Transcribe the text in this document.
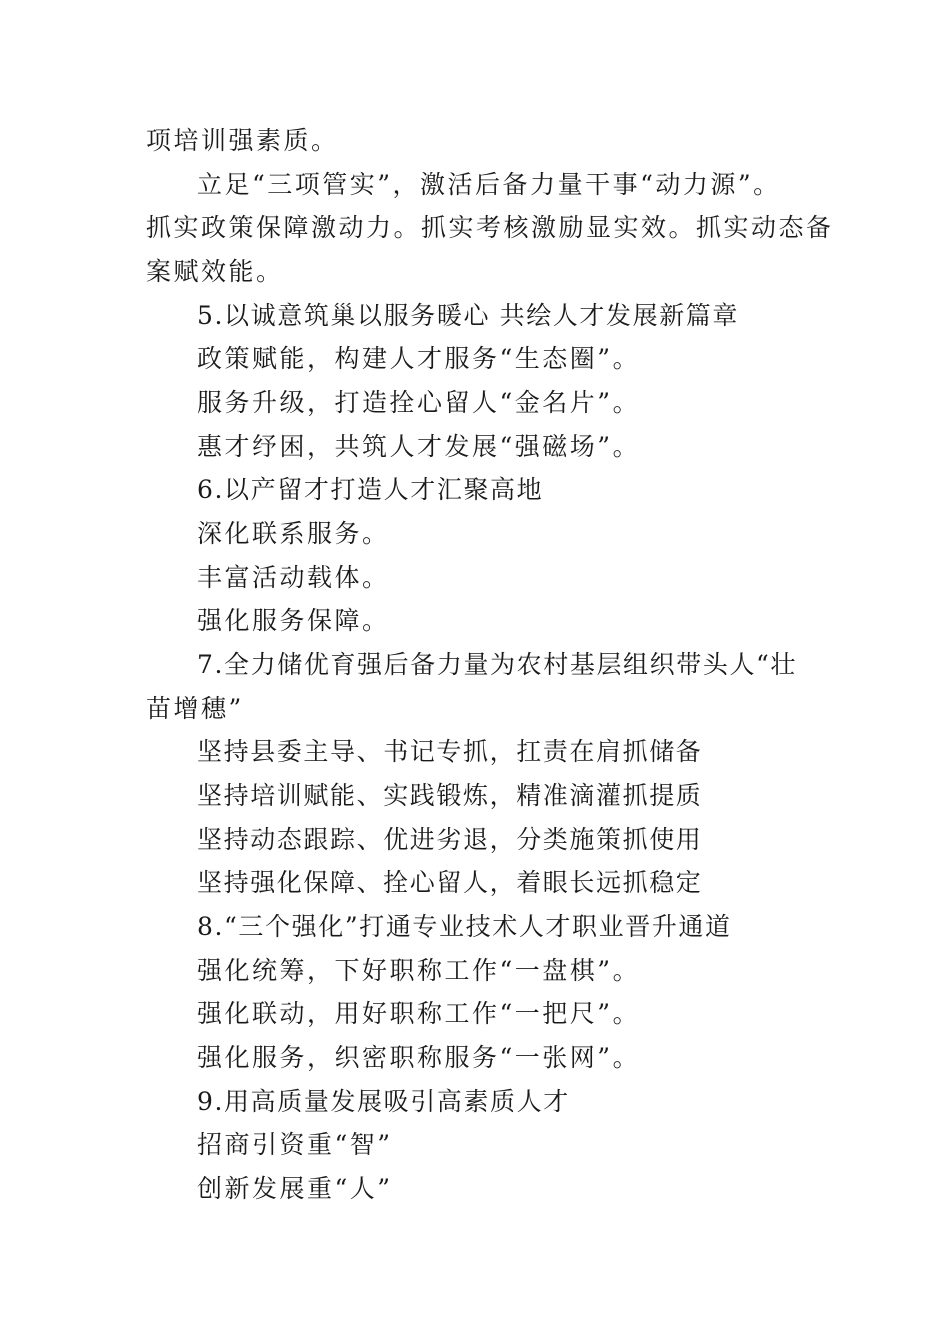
项培训强素质。

立足“三项管实”，激活后备力量干事“动力源”。

抓实政策保障激动力。抓实考核激励显实效。抓实动态备

案赋效能。

5.以诚意筑巢以服务暖心 共绘人才发展新篇章

政策赋能，构建人才服务“生态圈”。

服务升级，打造拴心留人“金名片”。

惠才纾困，共筑人才发展“强磁场”。

6.以产留才打造人才汇聚高地

深化联系服务。

丰富活动载体。

强化服务保障。

7.全力储优育强后备力量为农村基层组织带头人“壮

苗增穗”

坚持县委主导、书记专抓，扛责在肩抓储备

坚持培训赋能、实践锻炼，精准滴灌抓提质

坚持动态跟踪、优进劣退，分类施策抓使用

坚持强化保障、拴心留人，着眼长远抓稳定

8.“三个强化”打通专业技术人才职业晋升通道

强化统筹，下好职称工作“一盘棋”。

强化联动，用好职称工作“一把尺”。

强化服务，织密职称服务“一张网”。

9.用高质量发展吸引高素质人才

招商引资重“智”

创新发展重“人”
